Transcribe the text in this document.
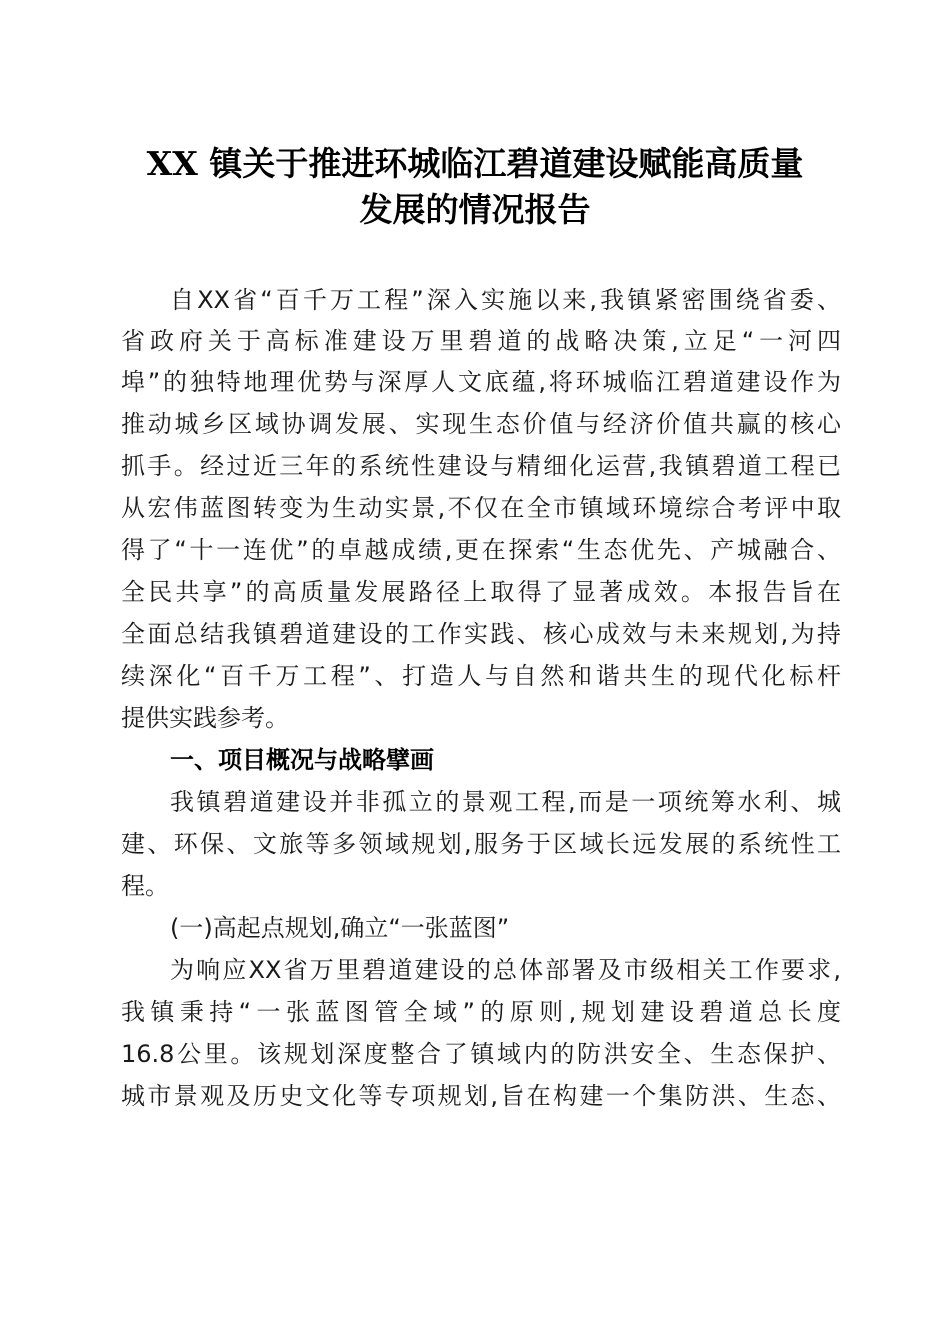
XX 镇关于推进环城临江碧道建设赋能高质量
发展的情况报告
自XX省“百千万工程”深入实施以来,我镇紧密围绕省委、
省政府关于高标准建设万里碧道的战略决策,立足“一河四
埠”的独特地理优势与深厚人文底蕴,将环城临江碧道建设作为
推动城乡区域协调发展、实现生态价值与经济价值共赢的核心
抓手。经过近三年的系统性建设与精细化运营,我镇碧道工程已
从宏伟蓝图转变为生动实景,不仅在全市镇域环境综合考评中取
得了“十一连优”的卓越成绩,更在探索“生态优先、产城融合、
全民共享”的高质量发展路径上取得了显著成效。本报告旨在
全面总结我镇碧道建设的工作实践、核心成效与未来规划,为持
续深化“百千万工程”、打造人与自然和谐共生的现代化标杆
提供实践参考。
一、项目概况与战略擘画
我镇碧道建设并非孤立的景观工程,而是一项统筹水利、城
建、环保、文旅等多领域规划,服务于区域长远发展的系统性工
程。
(一)高起点规划,确立“一张蓝图”
为响应XX省万里碧道建设的总体部署及市级相关工作要求,
我镇秉持“一张蓝图管全域”的原则,规划建设碧道总长度
16.8公里。该规划深度整合了镇域内的防洪安全、生态保护、
城市景观及历史文化等专项规划,旨在构建一个集防洪、生态、
